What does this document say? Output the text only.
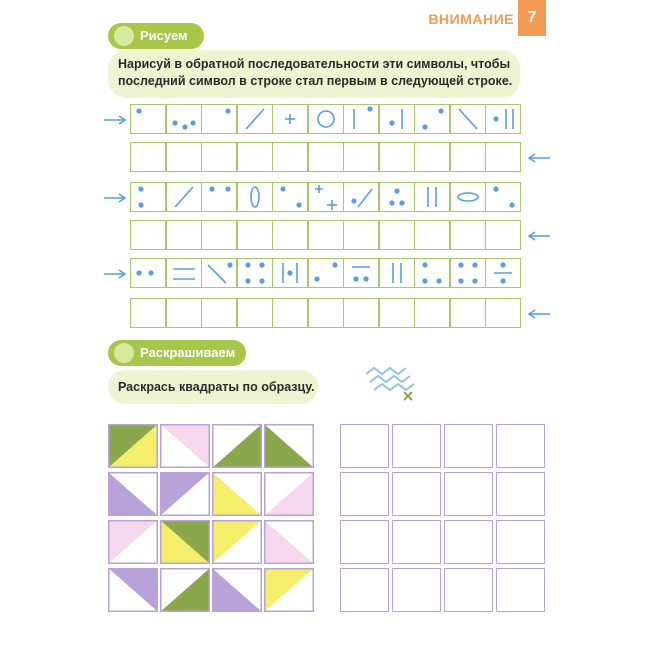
ВНИМАНИЕ 7
Рисуем
Нарисуй в обратной последовательности эти символы, чтобы
последний символ в строке стал первым в следующей строке.
Раскрашиваем
Раскрась квадраты по образцу.
